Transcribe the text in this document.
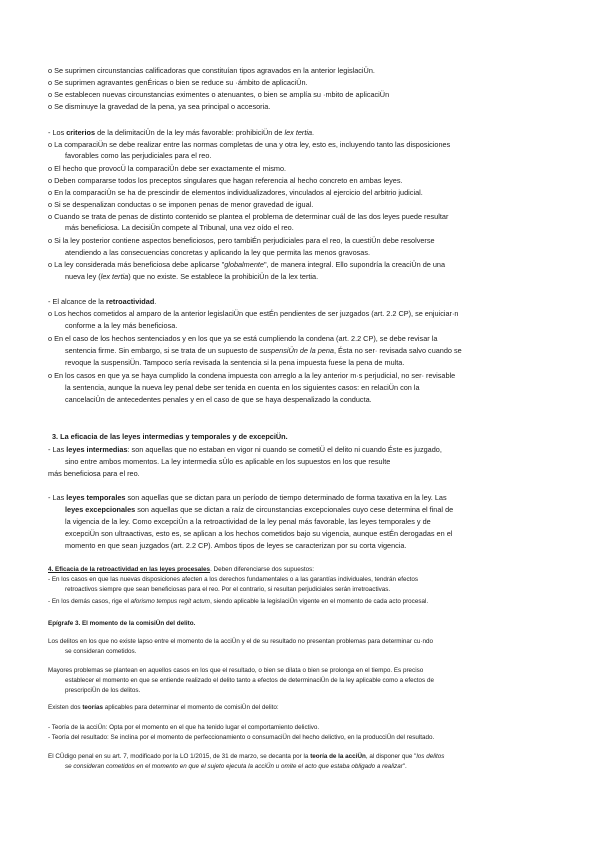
o Se suprimen circunstancias calificadoras que constituían tipos agravados en la anterior legislaciÜn.
o Se suprimen agravantes genÉricas o bien se reduce su ·ámbito de aplicaciÜn.
o Se establecen nuevas circunstancias eximentes o atenuantes, o bien se amplía su ·mbito de aplicaciÜn
o Se disminuye la gravedad de la pena, ya sea principal o accesoria.
- Los criterios de la delimitaciÜn de la ley más favorable: prohibiciÜn de lex tertia.
o La comparaciÜn se debe realizar entre las normas completas de una y otra ley, esto es, incluyendo tanto las disposiciones
favorables como las perjudiciales para el reo.
o El hecho que provocÜ la comparaciÜn debe ser exactamente el mismo.
o Deben compararse todos los preceptos singulares que hagan referencia al hecho concreto en ambas leyes.
o En la comparaciÜn se ha de prescindir de elementos individualizadores, vinculados al ejercicio del arbitrio judicial.
o Si se despenalizan conductas o se imponen penas de menor gravedad de igual.
o Cuando se trata de penas de distinto contenido se plantea el problema de determinar cuál de las dos leyes puede resultar
más beneficiosa. La decisiÜn compete al Tribunal, una vez oído el reo.
o Si la ley posterior contiene aspectos beneficiosos, pero tambiÉn perjudiciales para el reo, la cuestiÜn debe resolverse
atendiendo a las consecuencias concretas y aplicando la ley que permita las menos gravosas.
o La ley considerada más beneficiosa debe aplicarse "globalmente", de manera integral. Ello supondría la creaciÜn de una
nueva ley (lex tertia) que no existe. Se establece la prohibiciÜn de la lex tertia.
- El alcance de la retroactividad.
o Los hechos cometidos al amparo de la anterior legislaciÜn que estÉn pendientes de ser juzgados (art. 2.2 CP), se enjuiciar·n
conforme a la ley más beneficiosa.
o En el caso de los hechos sentenciados y en los que ya se está cumpliendo la condena (art. 2.2 CP), se debe revisar la
sentencia firme. Sin embargo, si se trata de un supuesto de suspensiÜn de la pena, Ésta no ser· revisada salvo cuando se
revoque la suspensiÜn. Tampoco sería revisada la sentencia si la pena impuesta fuese la pena de multa.
o En los casos en que ya se haya cumplido la condena impuesta con arreglo a la ley anterior m·s perjudicial, no ser· revisable
la sentencia, aunque la nueva ley penal debe ser tenida en cuenta en los siguientes casos: en relaciÜn con la
cancelaciÜn de antecedentes penales y en el caso de que se haya despenalizado la conducta.
3. La eficacia de las leyes intermedias y temporales y de excepciÜn.
- Las leyes intermedias: son aquellas que no estaban en vigor ni cuando se cometiÜ el delito ni cuando Éste es juzgado,
sino entre ambos momentos. La ley intermedia sÜlo es aplicable en los supuestos en los que resulte
más beneficiosa para el reo.
- Las leyes temporales son aquellas que se dictan para un período de tiempo determinado de forma taxativa en la ley. Las
leyes excepcionales son aquellas que se dictan a raíz de circunstancias excepcionales cuyo cese determina el final de
la vigencia de la ley. Como excepciÜn a la retroactividad de la ley penal más favorable, las leyes temporales y de
excepciÜn son ultraactivas, esto es, se aplican a los hechos cometidos bajo su vigencia, aunque estÉn derogadas en el
momento en que sean juzgados (art. 2.2 CP). Ambos tipos de leyes se caracterizan por su corta vigencia.
4. Eficacia de la retroactividad en las leyes procesales. Deben diferenciarse dos supuestos:
- En los casos en que las nuevas disposiciones afecten a los derechos fundamentales o a las garantías individuales, tendrán efectos
retroactivos siempre que sean beneficiosas para el reo. Por el contrario, si resultan perjudiciales serán irretroactivas.
- En los demás casos, rige el aforismo tempus regit actum, siendo aplicable la legislaciÜn vigente en el momento de cada acto procesal.
Epígrafe 3. El momento de la comisiÜn del delito.
Los delitos en los que no existe lapso entre el momento de la acciÜn y el de su resultado no presentan problemas para determinar cu·ndo
se consideran cometidos.
Mayores problemas se plantean en aquellos casos en los que el resultado, o bien se dilata o bien se prolonga en el tiempo. Es preciso
establecer el momento en que se entiende realizado el delito tanto a efectos de determinaciÜn de la ley aplicable como a efectos de
prescripciÜn de los delitos.
Existen dos teorías aplicables para determinar el momento de comisiÜn del delito:
- Teoría de la acciÜn: Opta por el momento en el que ha tenido lugar el comportamiento delictivo.
- Teoría del resultado: Se inclina por el momento de perfeccionamiento o consumaciÜn del hecho delictivo, en la producciÜn del resultado.
El CÜdigo penal en su art. 7, modificado por la LO 1/2015, de 31 de marzo, se decanta por la teoría de la acciÜn, al disponer que "los delitos
se consideran cometidos en el momento en que el sujeto ejecuta la acciÜn u omite el acto que estaba obligado a realizar".
